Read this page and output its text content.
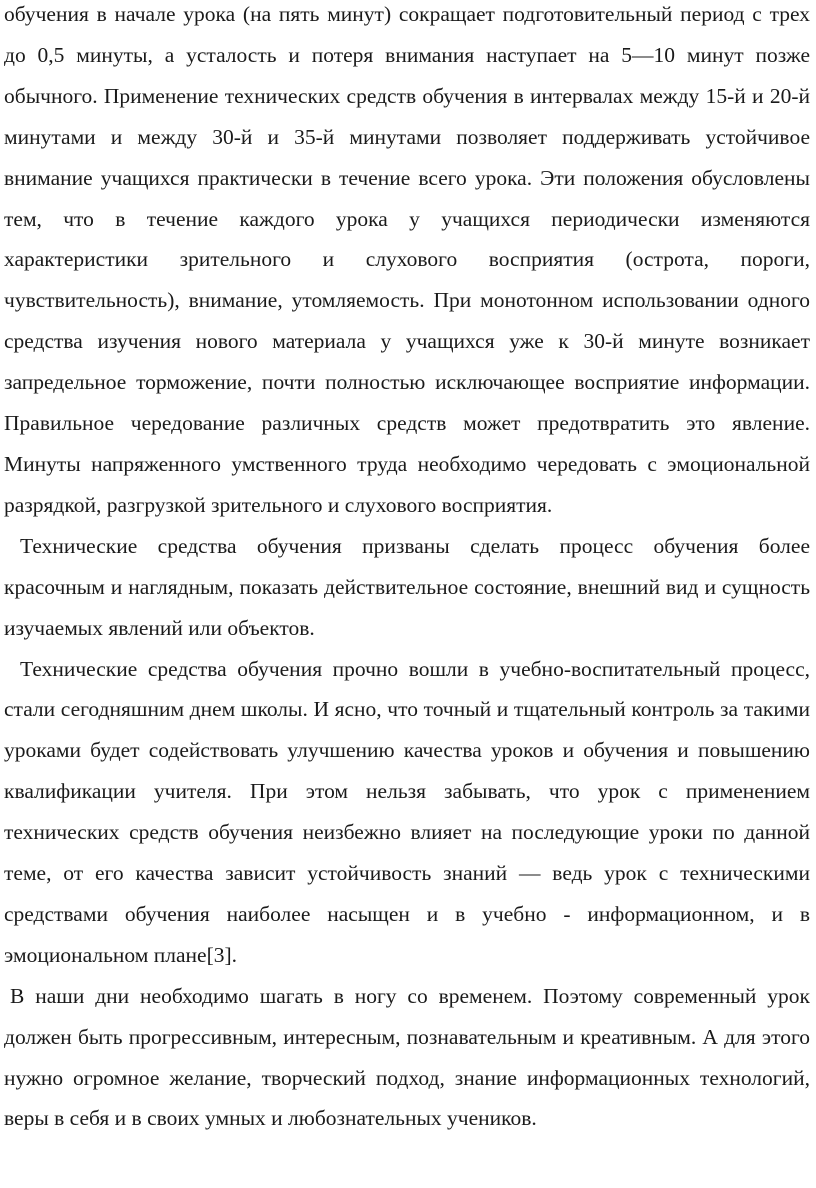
обучения в начале урока (на пять минут) сокращает подготовительный период с трех до 0,5 минуты, а усталость и потеря внимания наступает на 5—10 минут позже обычного. Применение технических средств обучения в интервалах между 15-й и 20-й минутами и между 30-й и 35-й минутами позволяет поддерживать устойчивое внимание учащихся практически в течение всего урока. Эти положения обусловлены тем, что в течение каждого урока у учащихся периодически изменяются характеристики зрительного и слухового восприятия (острота, пороги, чувствительность), внимание, утомляемость. При монотонном использовании одного средства изучения нового материала у учащихся уже к 30-й минуте возникает запредельное торможение, почти полностью исключающее восприятие информации. Правильное чередование различных средств может предотвратить это явление. Минуты напряженного умственного труда необходимо чередовать с эмоциональной разрядкой, разгрузкой зрительного и слухового восприятия.

Технические средства обучения призваны сделать процесс обучения более красочным и наглядным, показать действительное состояние, внешний вид и сущность изучаемых явлений или объектов.

Технические средства обучения прочно вошли в учебно-воспитательный процесс, стали сегодняшним днем школы. И ясно, что точный и тщательный контроль за такими уроками будет содействовать улучшению качества уроков и обучения и повышению квалификации учителя. При этом нельзя забывать, что урок с применением технических средств обучения неизбежно влияет на последующие уроки по данной теме, от его качества зависит устойчивость знаний — ведь урок с техническими средствами обучения наиболее насыщен и в учебно - информационном, и в эмоциональном плане[3].

В наши дни необходимо шагать в ногу со временем. Поэтому современный урок должен быть прогрессивным, интересным, познавательным и креативным. А для этого нужно огромное желание, творческий подход, знание информационных технологий, веры в себя и в своих умных и любознательных учеников.
